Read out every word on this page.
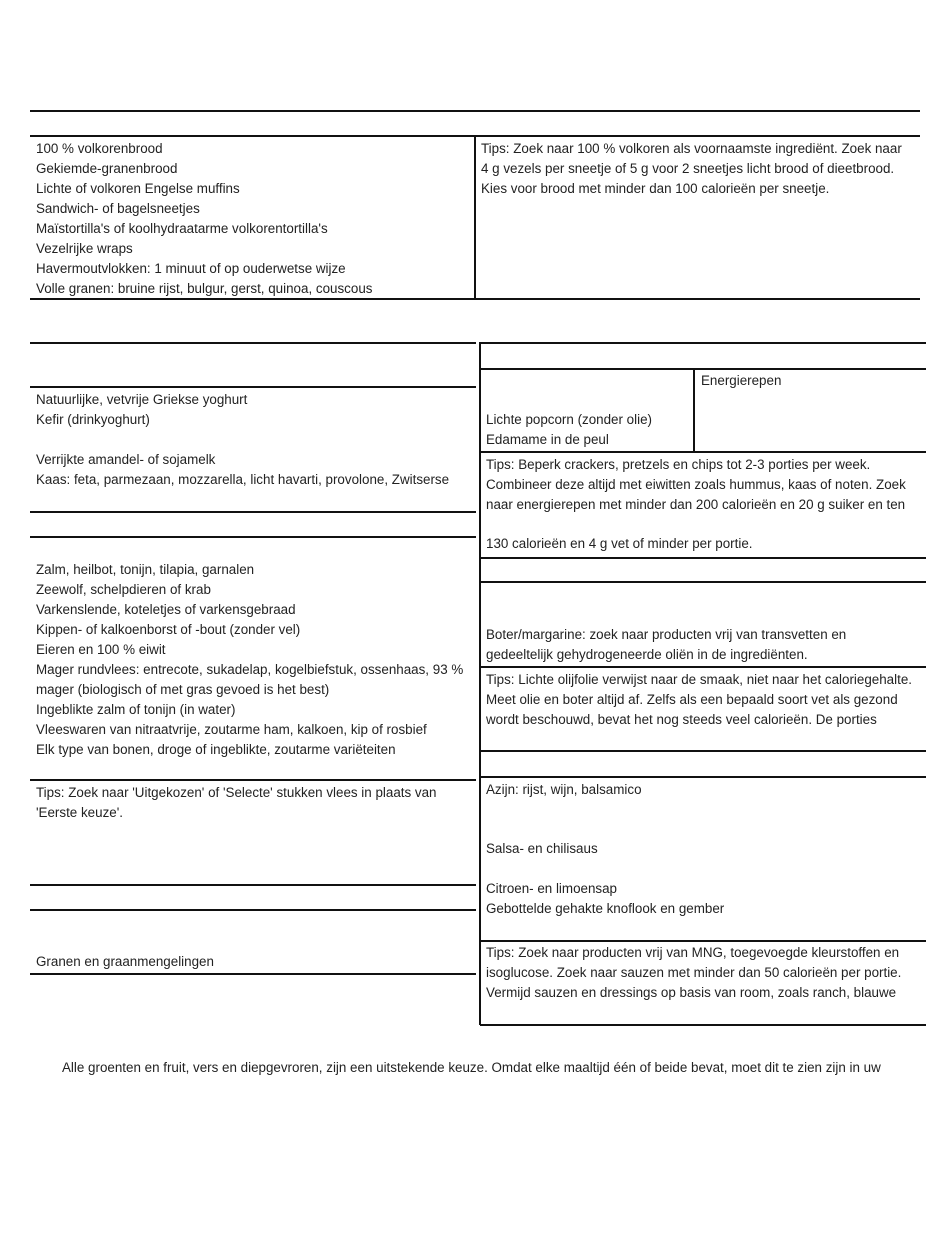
100 % volkorenbrood
Gekiemde-granenbrood
Lichte of volkoren Engelse muffins
Sandwich- of bagelsneetjes
Maïstortilla's of koolhydraatarme volkorentortilla's
Vezelrijke wraps
Havermoutvlokken: 1 minuut of op ouderwetse wijze
Volle granen: bruine rijst, bulgur, gerst, quinoa, couscous
Tips: Zoek naar 100 % volkoren als voornaamste ingrediënt. Zoek naar
4 g vezels per sneetje of 5 g voor 2 sneetjes licht brood of dieetbrood.
Kies voor brood met minder dan 100 calorieën per sneetje.
Natuurlijke, vetvrije Griekse yoghurt
Kefir (drinkyoghurt)
Verrijkte amandel- of sojamelk
Kaas: feta, parmezaan, mozzarella, licht havarti, provolone, Zwitserse
Zalm, heilbot, tonijn, tilapia, garnalen
Zeewolf, schelpdieren of krab
Varkenslende, koteletjes of varkensgebraad
Kippen- of kalkoenborst of -bout (zonder vel)
Eieren en 100 % eiwit
Mager rundvlees: entrecote, sukadelap, kogelbiefstuk, ossenhaas, 93 %
mager (biologisch of met gras gevoed is het best)
Ingeblikte zalm of tonijn (in water)
Vleeswaren van nitraatvrije, zoutarme ham, kalkoen, kip of rosbief
Elk type van bonen, droge of ingeblikte, zoutarme variëteiten
Tips: Zoek naar 'Uitgekozen' of 'Selecte' stukken vlees in plaats van
'Eerste keuze'.
Granen en graanmengelingen
Energierepen
Lichte popcorn (zonder olie)
Edamame in de peul
Tips: Beperk crackers, pretzels en chips tot 2-3 porties per week.
Combineer deze altijd met eiwitten zoals hummus, kaas of noten. Zoek
naar energierepen met minder dan 200 calorieën en 20 g suiker en ten
130 calorieën en 4 g vet of minder per portie.
Boter/margarine: zoek naar producten vrij van transvetten en
gedeeltelijk gehydrogeneerde oliën in de ingrediënten.
Tips: Lichte olijfolie verwijst naar de smaak, niet naar het caloriegehalte.
Meet olie en boter altijd af. Zelfs als een bepaald soort vet als gezond
wordt beschouwd, bevat het nog steeds veel calorieën. De porties
Azijn: rijst, wijn, balsamico
Salsa- en chilisaus
Citroen- en limoensap
Gebottelde gehakte knoflook en gember
Tips: Zoek naar producten vrij van MNG, toegevoegde kleurstoffen en
isoglucose. Zoek naar sauzen met minder dan 50 calorieën per portie.
Vermijd sauzen en dressings op basis van room, zoals ranch, blauwe
Alle groenten en fruit, vers en diepgevroren, zijn een uitstekende keuze. Omdat elke maaltijd één of beide bevat, moet dit te zien zijn in uw
